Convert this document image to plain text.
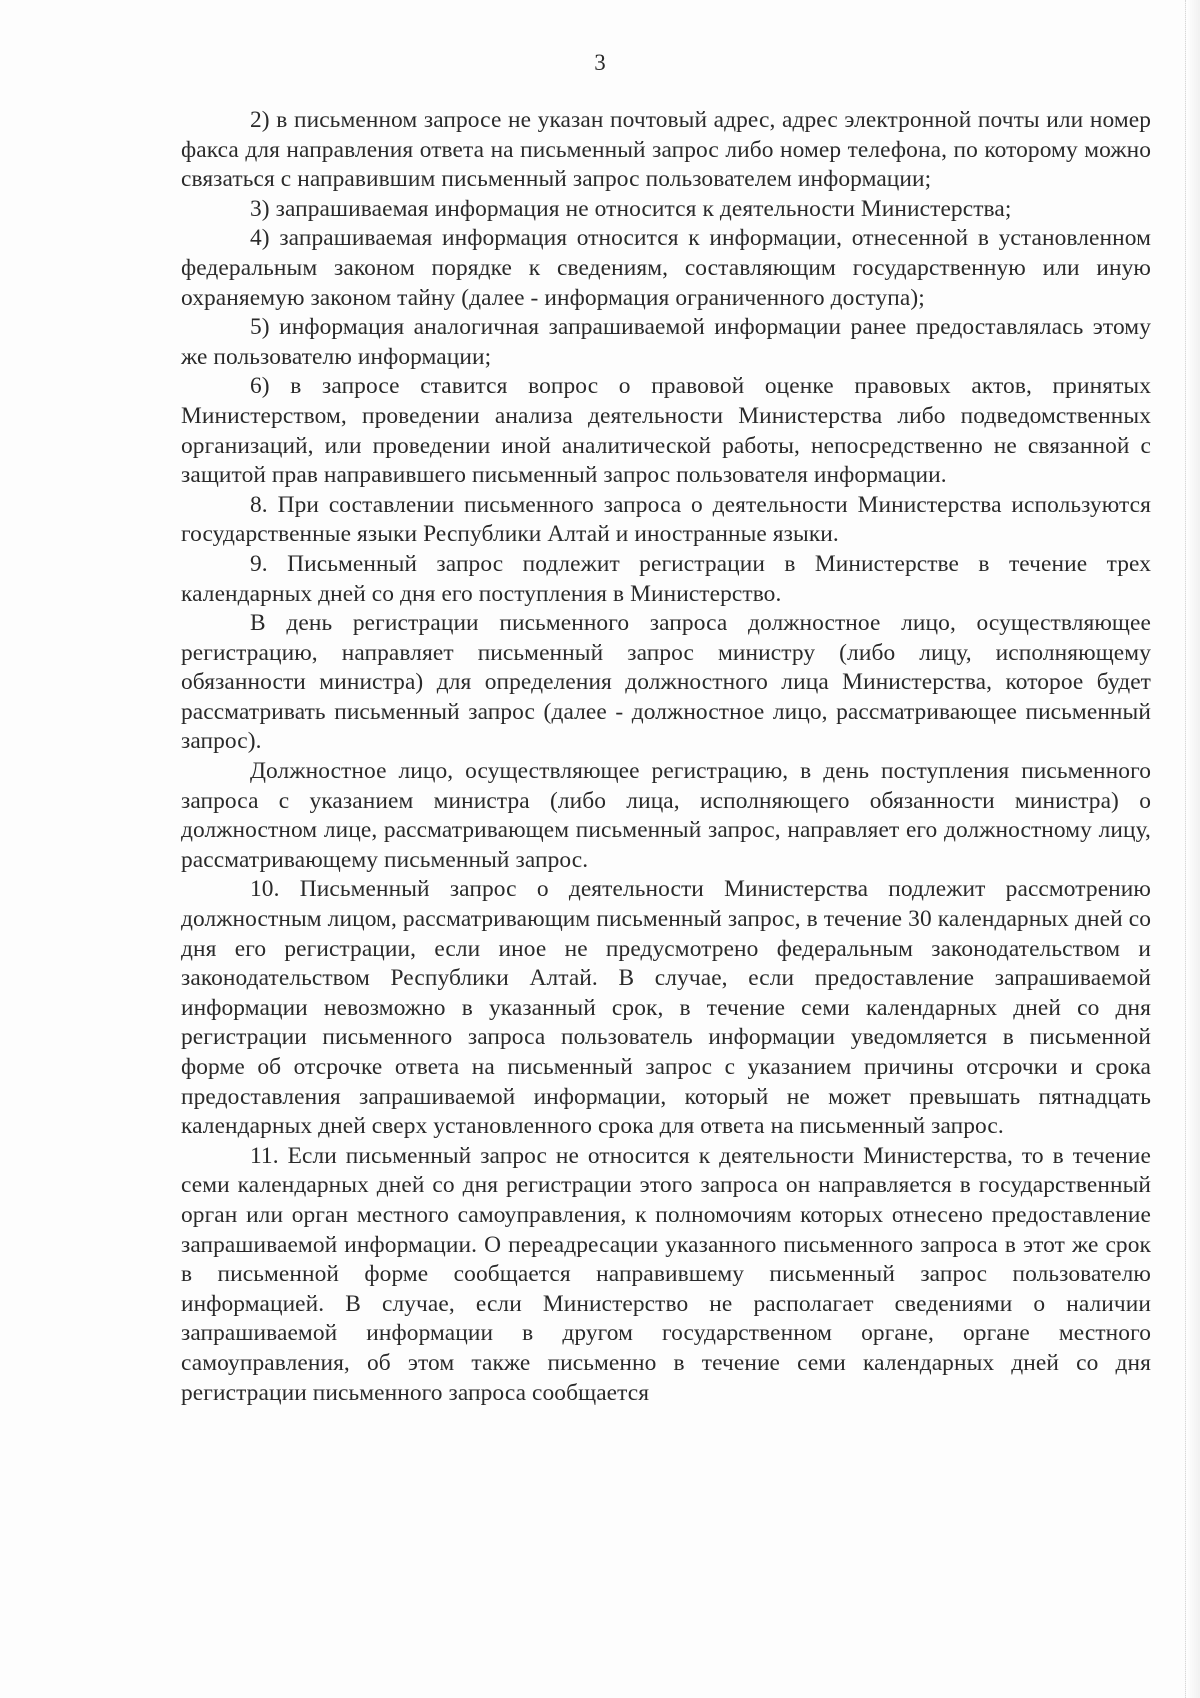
3

2) в письменном запросе не указан почтовый адрес, адрес электронной почты или номер факса для направления ответа на письменный запрос либо номер телефона, по которому можно связаться с направившим письменный запрос пользователем информации;

3) запрашиваемая информация не относится к деятельности Министерства;

4) запрашиваемая информация относится к информации, отнесенной в установленном федеральным законом порядке к сведениям, составляющим государственную или иную охраняемую законом тайну (далее - информация ограниченного доступа);

5) информация аналогичная запрашиваемой информации ранее предоставлялась этому же пользователю информации;

6) в запросе ставится вопрос о правовой оценке правовых актов, принятых Министерством, проведении анализа деятельности Министерства либо подведомственных организаций, или проведении иной аналитической работы, непосредственно не связанной с защитой прав направившего письменный запрос пользователя информации.

8. При составлении письменного запроса о деятельности Министерства используются государственные языки Республики Алтай и иностранные языки.

9. Письменный запрос подлежит регистрации в Министерстве в течение трех календарных дней со дня его поступления в Министерство.

В день регистрации письменного запроса должностное лицо, осуществляющее регистрацию, направляет письменный запрос министру (либо лицу, исполняющему обязанности министра) для определения должностного лица Министерства, которое будет рассматривать письменный запрос (далее - должностное лицо, рассматривающее письменный запрос).

Должностное лицо, осуществляющее регистрацию, в день поступления письменного запроса с указанием министра (либо лица, исполняющего обязанности министра) о должностном лице, рассматривающем письменный запрос, направляет его должностному лицу, рассматривающему письменный запрос.

10. Письменный запрос о деятельности Министерства подлежит рассмотрению должностным лицом, рассматривающим письменный запрос, в течение 30 календарных дней со дня его регистрации, если иное не предусмотрено федеральным законодательством и законодательством Республики Алтай. В случае, если предоставление запрашиваемой информации невозможно в указанный срок, в течение семи календарных дней со дня регистрации письменного запроса пользователь информации уведомляется в письменной форме об отсрочке ответа на письменный запрос с указанием причины отсрочки и срока предоставления запрашиваемой информации, который не может превышать пятнадцать календарных дней сверх установленного срока для ответа на письменный запрос.

11. Если письменный запрос не относится к деятельности Министерства, то в течение семи календарных дней со дня регистрации этого запроса он направляется в государственный орган или орган местного самоуправления, к полномочиям которых отнесено предоставление запрашиваемой информации. О переадресации указанного письменного запроса в этот же срок в письменной форме сообщается направившему письменный запрос пользователю информацией. В случае, если Министерство не располагает сведениями о наличии запрашиваемой информации в другом государственном органе, органе местного самоуправления, об этом также письменно в течение семи календарных дней со дня регистрации письменного запроса сообщается
